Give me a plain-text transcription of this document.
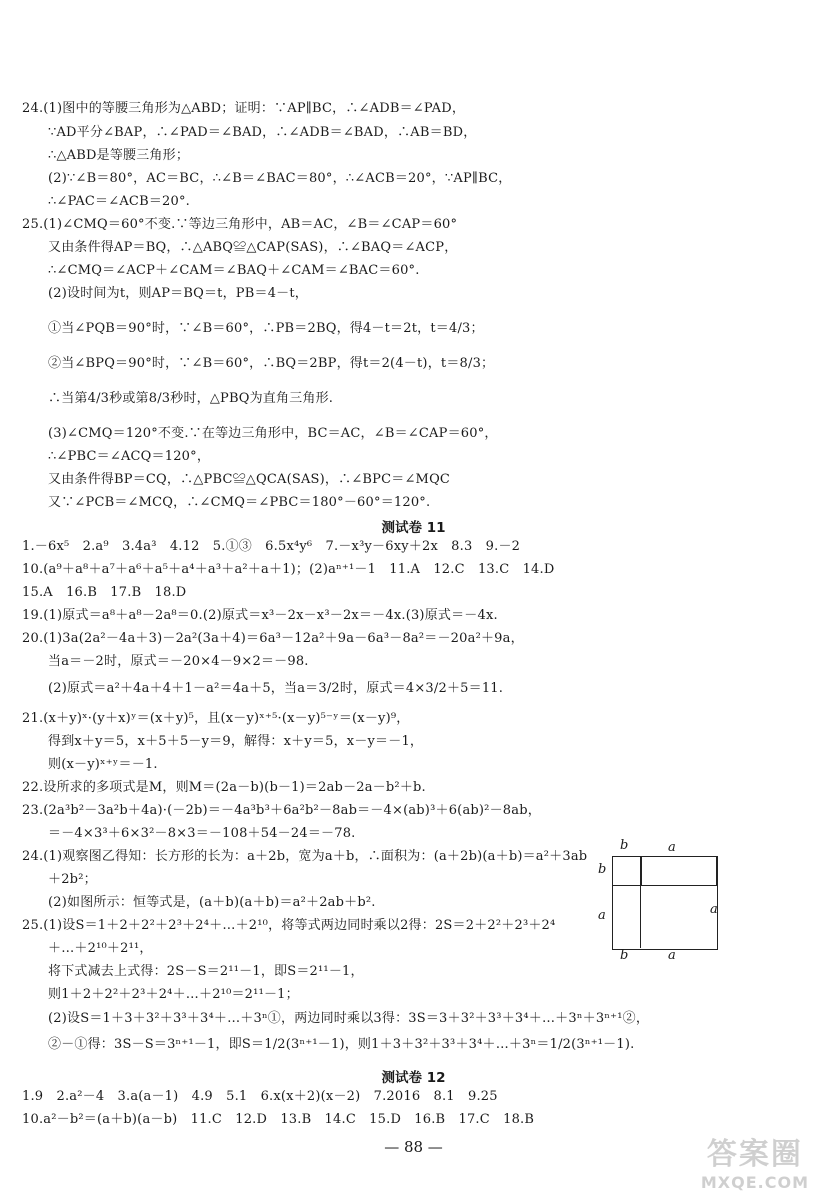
24.(1)图中的等腰三角形为△ABD；证明：∵AP∥BC，∴∠ADB＝∠PAD，
∵AD平分∠BAP，∴∠PAD＝∠BAD，∴∠ADB＝∠BAD，∴AB＝BD，
∴△ABD是等腰三角形；
(2)∵∠B＝80°，AC＝BC，∴∠B＝∠BAC＝80°，∴∠ACB＝20°，∵AP∥BC，
∴∠PAC＝∠ACB＝20°.
25.(1)∠CMQ＝60°不变.∵等边三角形中，AB＝AC，∠B＝∠CAP＝60°
又由条件得AP＝BQ，∴△ABQ≌△CAP(SAS)，∴∠BAQ＝∠ACP，
∴∠CMQ＝∠ACP＋∠CAM＝∠BAQ＋∠CAM＝∠BAC＝60°.
(2)设时间为t，则AP＝BQ＝t，PB＝4－t，
①当∠PQB＝90°时，∵∠B＝60°，∴PB＝2BQ，得4－t＝2t，t＝4/3；
②当∠BPQ＝90°时，∵∠B＝60°，∴BQ＝2BP，得t＝2(4－t)，t＝8/3；
∴当第4/3秒或第8/3秒时，△PBQ为直角三角形.
(3)∠CMQ＝120°不变.∵在等边三角形中，BC＝AC，∠B＝∠CAP＝60°，
∴∠PBC＝∠ACQ＝120°，
又由条件得BP＝CQ，∴△PBC≌△QCA(SAS)，∴∠BPC＝∠MQC
又∵∠PCB＝∠MCQ，∴∠CMQ＝∠PBC＝180°－60°＝120°.
测试卷 11
1.－6x⁵　2.a⁹　3.4a³　4.12　5.①③　6.5x⁴y⁶　7.－x³y－6xy＋2x　8.3　9.－2
10.(a⁹＋a⁸＋a⁷＋a⁶＋a⁵＋a⁴＋a³＋a²＋a＋1)；(2)aⁿ⁺¹－1　11.A　12.C　13.C　14.D
15.A　16.B　17.B　18.D
19.(1)原式＝a⁸＋a⁸－2a⁸＝0.(2)原式＝x³－2x－x³－2x＝－4x.(3)原式＝－4x.
20.(1)3a(2a²－4a＋3)－2a²(3a＋4)＝6a³－12a²＋9a－6a³－8a²＝－20a²＋9a，
当a＝－2时，原式＝－20×4－9×2＝－98.
(2)原式＝a²＋4a＋4＋1－a²＝4a＋5，当a＝3/2时，原式＝4×3/2＋5＝11.
21.(x＋y)ˣ·(y＋x)ʸ＝(x＋y)⁵，且(x－y)ˣ⁺⁵·(x－y)⁵⁻ʸ＝(x－y)⁹，
得到x＋y＝5，x＋5＋5－y＝9，解得：x＋y＝5，x－y＝－1，
则(x－y)ˣ⁺ʸ＝－1.
22.设所求的多项式是M，则M＝(2a－b)(b－1)＝2ab－2a－b²＋b.
23.(2a³b²－3a²b＋4a)·(－2b)＝－4a³b³＋6a²b²－8ab＝－4×(ab)³＋6(ab)²－8ab，
＝－4×3³＋6×3²－8×3＝－108＋54－24＝－78.
24.(1)观察图乙得知：长方形的长为：a＋2b，宽为a＋b，∴面积为：(a＋2b)(a＋b)＝a²＋3ab
＋2b²；
(2)如图所示：恒等式是，(a＋b)(a＋b)＝a²＋2ab＋b².
25.(1)设S＝1＋2＋2²＋2³＋2⁴＋…＋2¹⁰，将等式两边同时乘以2得：2S＝2＋2²＋2³＋2⁴
＋…＋2¹⁰＋2¹¹，
将下式减去上式得：2S－S＝2¹¹－1，即S＝2¹¹－1，
则1＋2＋2²＋2³＋2⁴＋…＋2¹⁰＝2¹¹－1；
(2)设S＝1＋3＋3²＋3³＋3⁴＋…＋3ⁿ①，两边同时乘以3得：3S＝3＋3²＋3³＋3⁴＋…＋3ⁿ＋3ⁿ⁺¹②，
②－①得：3S－S＝3ⁿ⁺¹－1，即S＝1/2(3ⁿ⁺¹－1)，则1＋3＋3²＋3³＋3⁴＋…＋3ⁿ＝1/2(3ⁿ⁺¹－1).
测试卷 12
1.9　2.a²－4　3.a(a－1)　4.9　5.1　6.x(x＋2)(x－2)　7.2016　8.1　9.25
10.a²－b²＝(a＋b)(a－b)　11.C　12.D　13.B　14.C　15.D　16.B　17.C　18.B
b	a
b
a	a
b	a
— 88 —	答案圈
MXQE.COM
